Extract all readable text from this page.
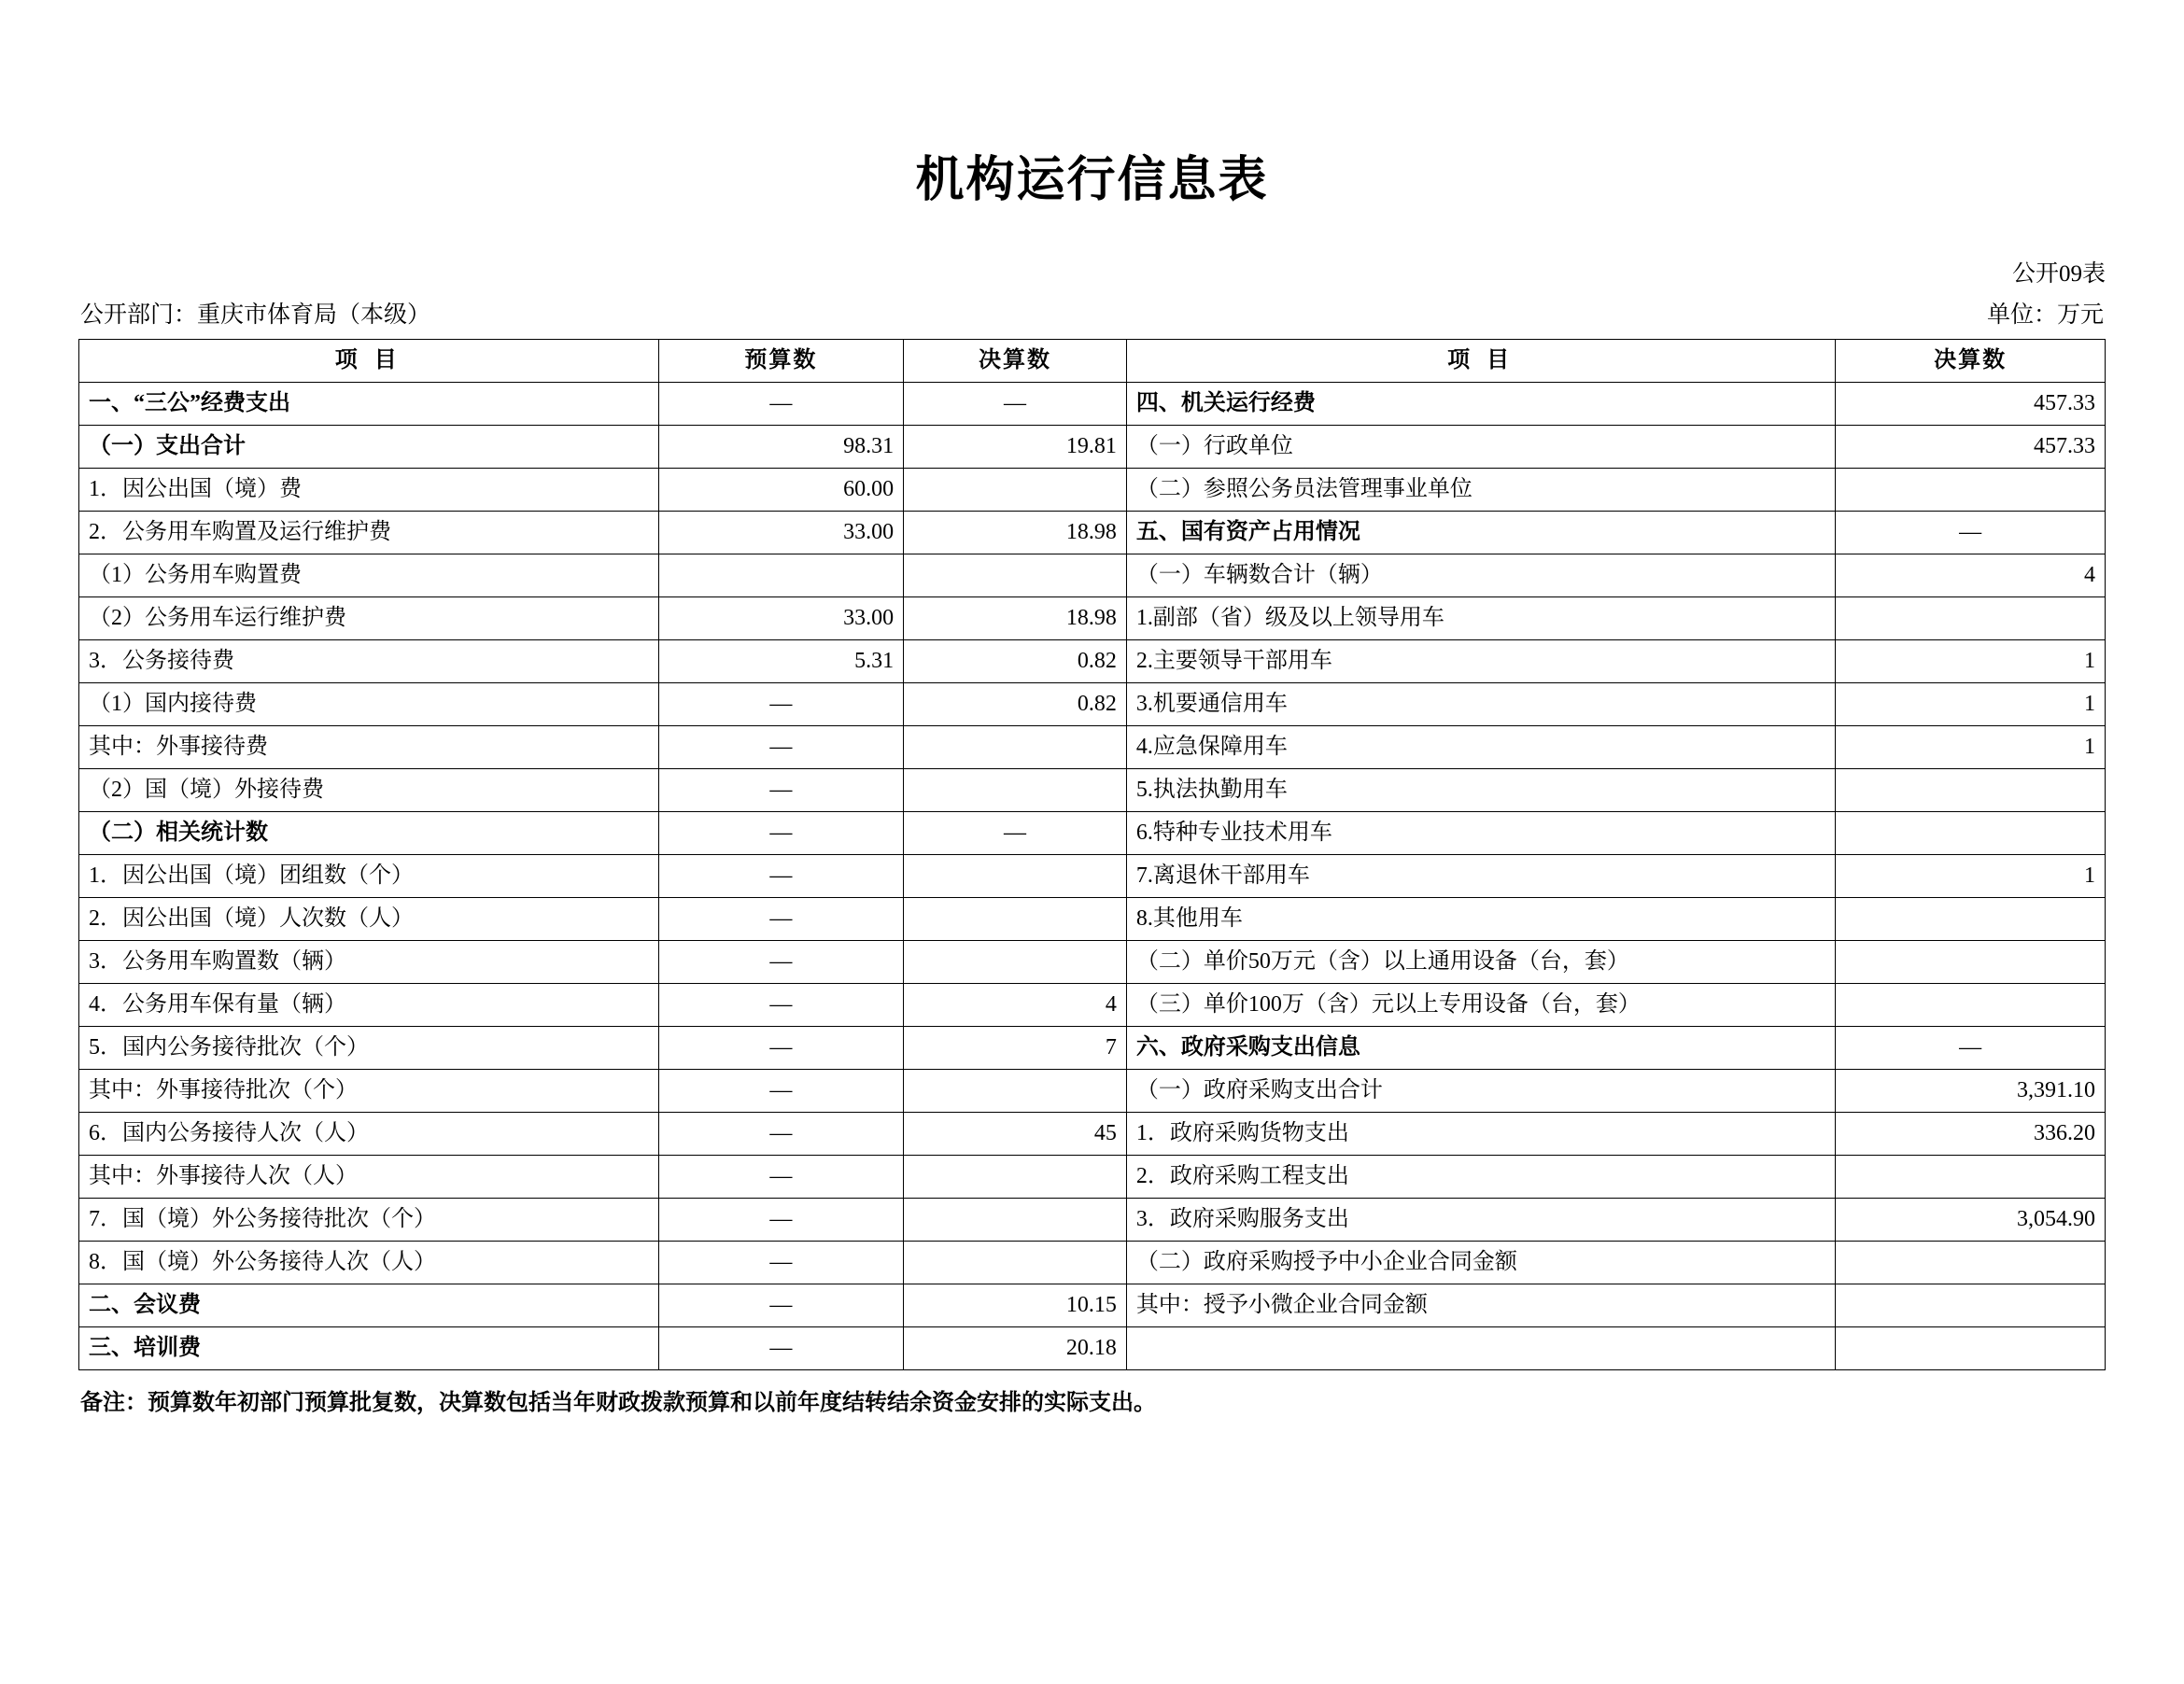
机构运行信息表
公开09表
公开部门：重庆市体育局（本级）	单位：万元
项 目	预算数	决算数	项 目	决算数
一、“三公”经费支出	—	—	四、机关运行经费	457.33
（一）支出合计	98.31	19.81	（一）行政单位	457.33
1．因公出国（境）费	60.00		（二）参照公务员法管理事业单位	
2．公务用车购置及运行维护费	33.00	18.98	五、国有资产占用情况	—
（1）公务用车购置费			（一）车辆数合计（辆）	4
（2）公务用车运行维护费	33.00	18.98	1.副部（省）级及以上领导用车	
3．公务接待费	5.31	0.82	2.主要领导干部用车	1
（1）国内接待费	—	0.82	3.机要通信用车	1
其中：外事接待费	—		4.应急保障用车	1
（2）国（境）外接待费	—		5.执法执勤用车	
（二）相关统计数	—	—	6.特种专业技术用车	
1．因公出国（境）团组数（个）	—		7.离退休干部用车	1
2．因公出国（境）人次数（人）	—		8.其他用车	
3．公务用车购置数（辆）	—		（二）单价50万元（含）以上通用设备（台，套）	
4．公务用车保有量（辆）	—	4	（三）单价100万（含）元以上专用设备（台，套）	
5．国内公务接待批次（个）	—	7	六、政府采购支出信息	—
其中：外事接待批次（个）	—		（一）政府采购支出合计	3,391.10
6．国内公务接待人次（人）	—	45	1．政府采购货物支出	336.20
其中：外事接待人次（人）	—		2．政府采购工程支出	
7．国（境）外公务接待批次（个）	—		3．政府采购服务支出	3,054.90
8．国（境）外公务接待人次（人）	—		（二）政府采购授予中小企业合同金额	
二、会议费	—	10.15	其中：授予小微企业合同金额	
三、培训费	—	20.18		
备注：预算数年初部门预算批复数，决算数包括当年财政拨款预算和以前年度结转结余资金安排的实际支出。
